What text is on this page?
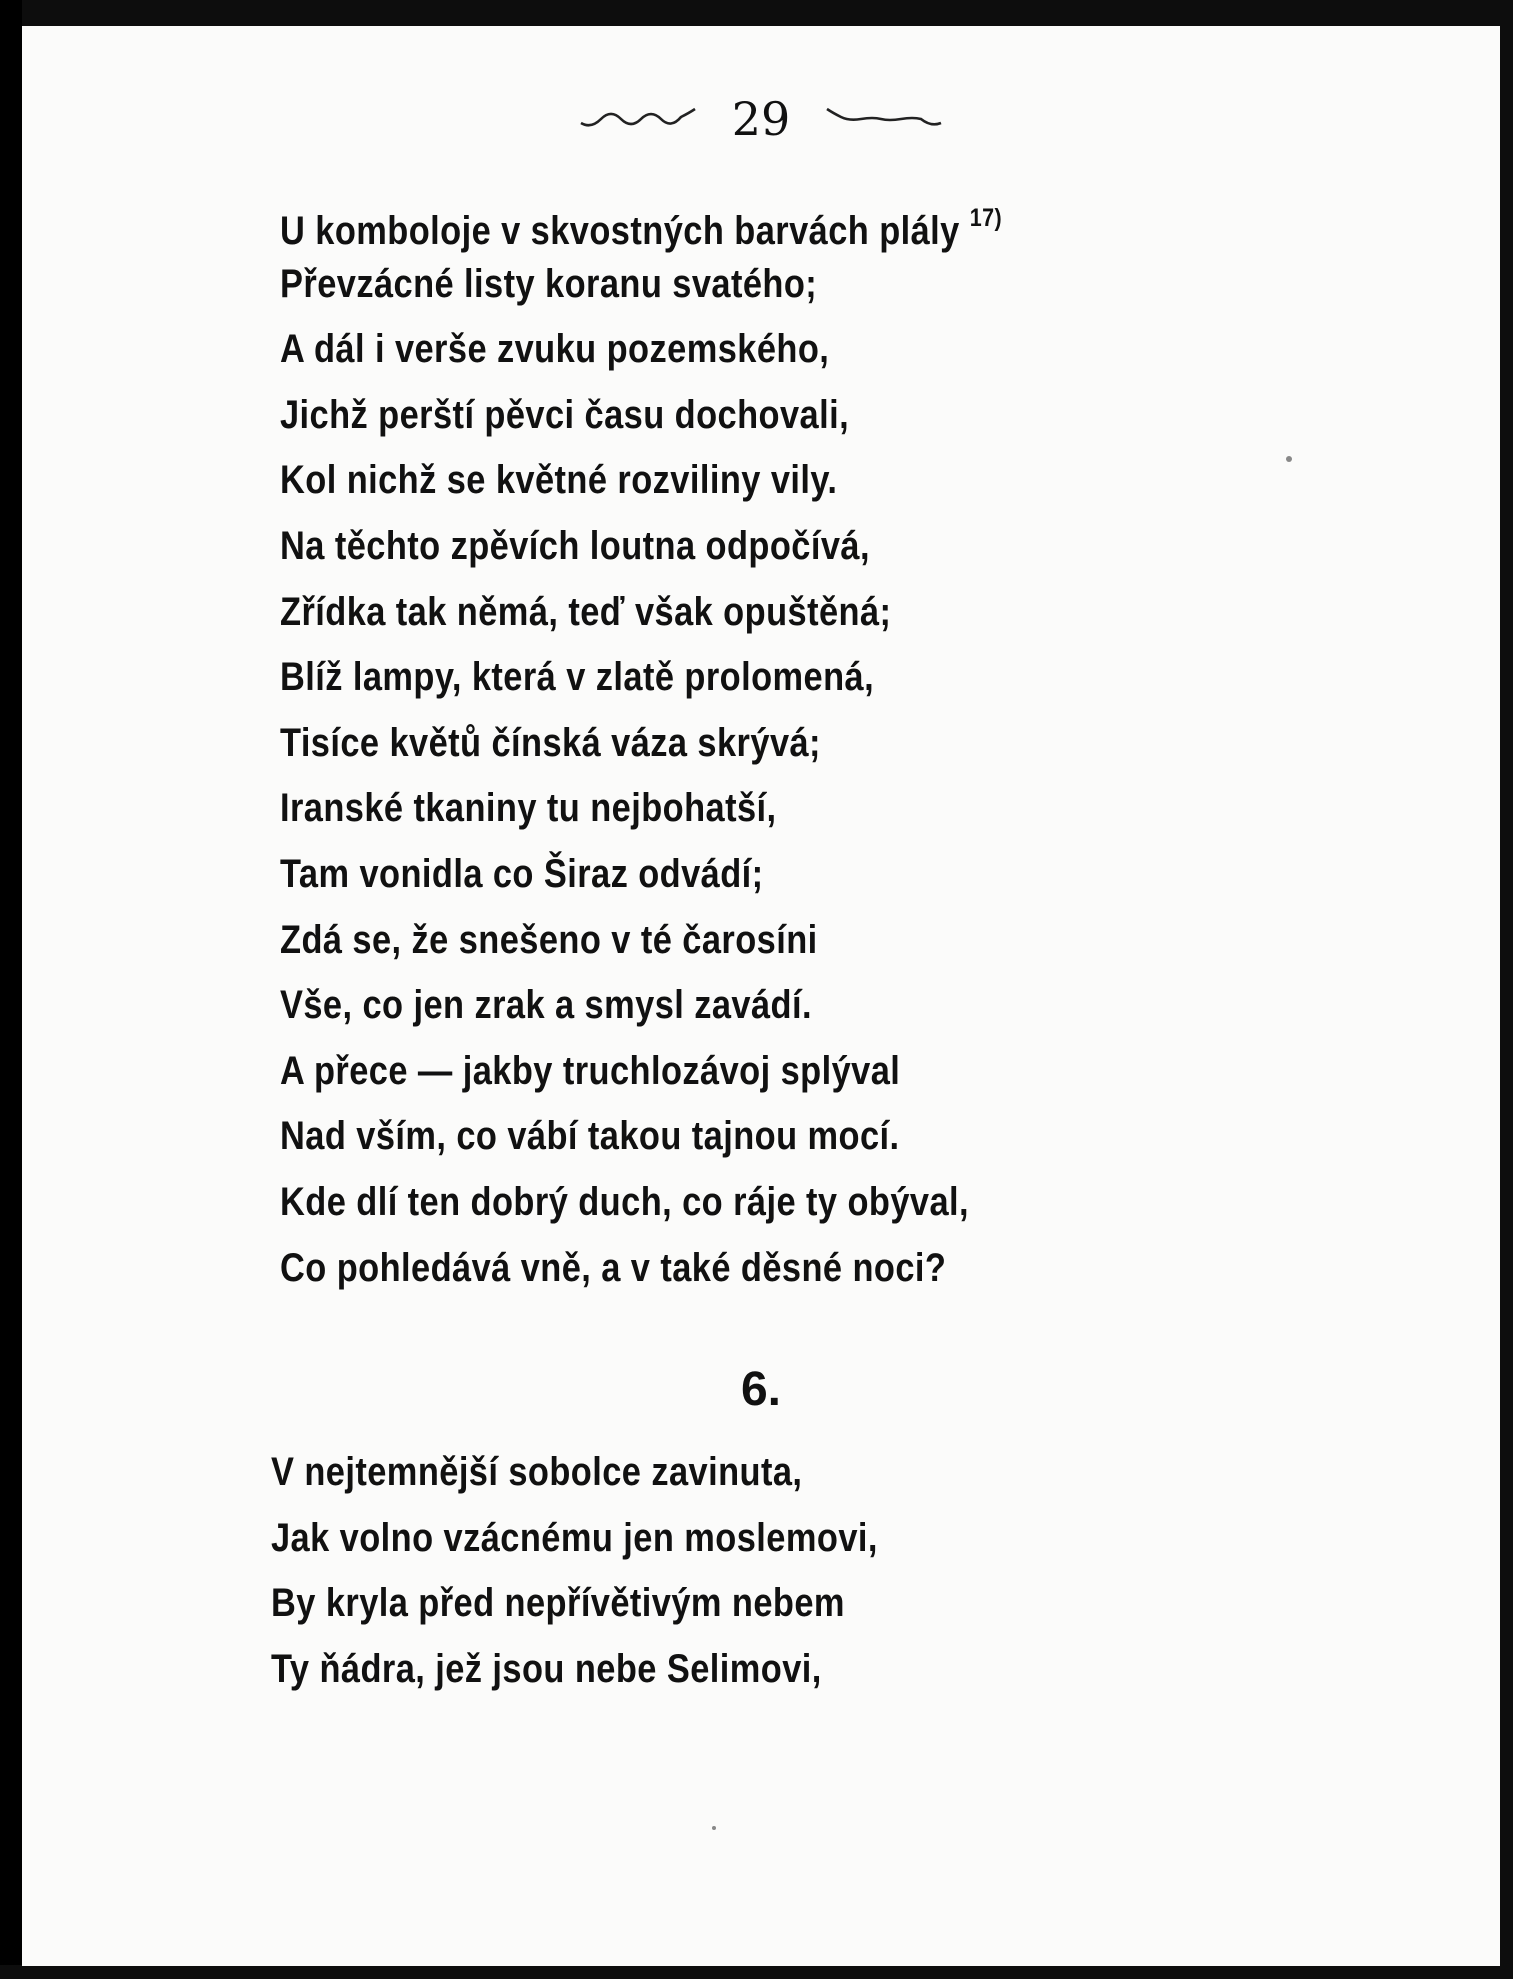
29
U komboloje v skvostných barvách plály $^{17)}$
Převzácné listy koranu svatého;
A dál i verše zvuku pozemského,
Jichž perští pěvci času dochovali,
Kol nichž se květné rozviliny vily.
Na těchto zpěvích loutna odpočívá,
Zřídka tak němá, teď však opuštěná;
Blíž lampy, která v zlatě prolomená,
Tisíce květů čínská váza skrývá;
Iranské tkaniny tu nejbohatší,
Tam vonidla co Širaz odvádí;
Zdá se, že snešeno v té čarosíni
Vše, co jen zrak a smysl zavádí.
A přece — jakby truchlozávoj splýval
Nad vším, co vábí takou tajnou mocí.
Kde dlí ten dobrý duch, co ráje ty obýval,
Co pohledává vně, a v také děsné noci?
6.
V nejtemnější sobolce zavinuta,
Jak volno vzácnému jen moslemovi,
By kryla před nepřívětivým nebem
Ty ňádra, jež jsou nebe Selimovi,
